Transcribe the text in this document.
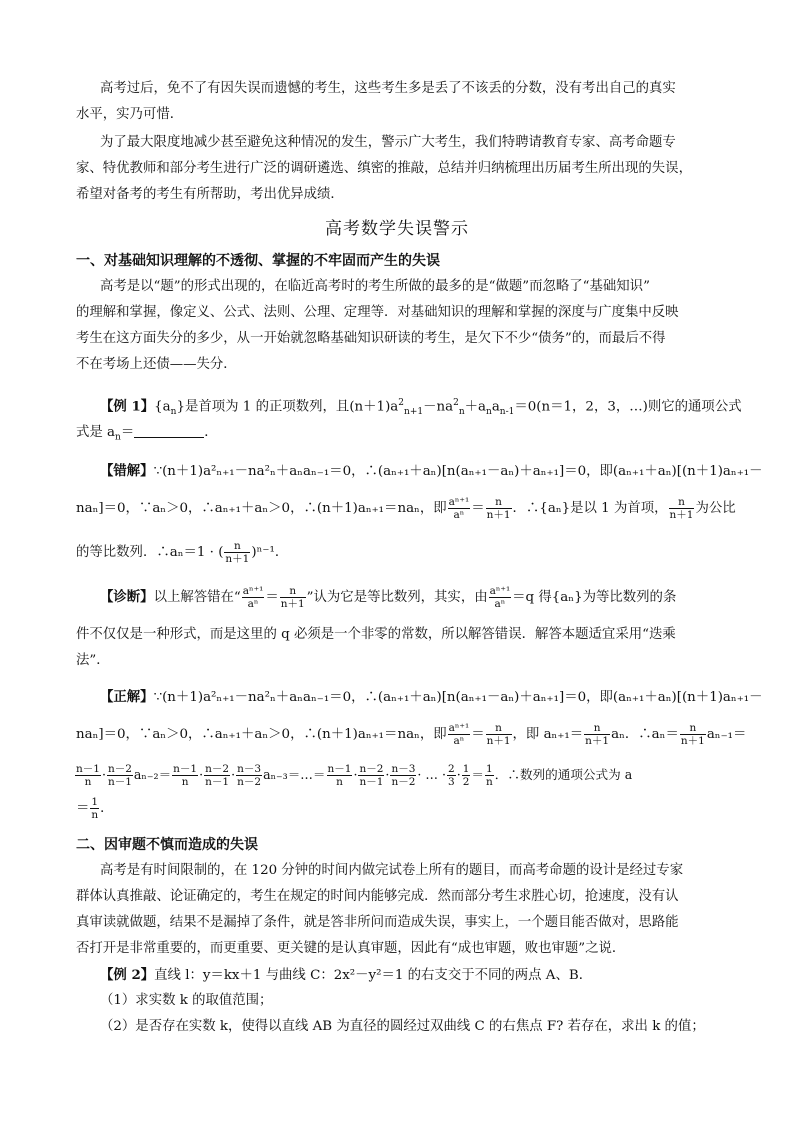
高考过后，免不了有因失误而遗憾的考生，这些考生多是丢了不该丢的分数，没有考出自己的真实
水平，实乃可惜．
为了最大限度地减少甚至避免这种情况的发生，警示广大考生，我们特聘请教育专家、高考命题专
家、特优教师和部分考生进行广泛的调研遴选、缜密的推敲，总结并归纳梳理出历届考生所出现的失误，
希望对备考的考生有所帮助，考出优异成绩．
高考数学失误警示
一、对基础知识理解的不透彻、掌握的不牢固而产生的失误
高考是以“题”的形式出现的，在临近高考时的考生所做的最多的是“做题”而忽略了“基础知识”
的理解和掌握，像定义、公式、法则、公理、定理等．对基础知识的理解和掌握的深度与广度集中反映
考生在这方面失分的多少，从一开始就忽略基础知识研读的考生，是欠下不少“债务”的，而最后不得
不在考场上还债——失分．
【例 1】$\{a_n\}$是首项为 1 的正项数列，且$(n+1)a^2_{n+1}-na^2_n+a_na_{n-1}=0(n=1$，2，3，…)则它的通项公式
式是 $a_n=$	．
【错解】∵(n＋1)a²ₙ₊₁－na²ₙ＋aₙaₙ₋₁＝0，∴(aₙ₊₁＋aₙ)[n(aₙ₊₁－aₙ)＋aₙ₊₁]＝0，即(aₙ₊₁＋aₙ)[(n＋1)aₙ₊₁－
naₙ]＝0，∵aₙ＞0，∴aₙ₊₁＋aₙ＞0，∴(n＋1)aₙ₊₁＝naₙ，即 $\frac{\text{aⁿ⁺¹}}{\text{aⁿ}} = \frac{n}{n+1}$ ．∴{aₙ}是以 1 为首项， $\frac{n}{n+1}$ 为公比
的等比数列．∴aₙ＝1 · ( $\frac{n}{n+1} )^{n-1}$．
【诊断】以上解答错在“ $\frac{\text{aⁿ⁺¹}}{\text{aⁿ}} = \frac{n}{n+1}$ ”认为它是等比数列，其实，由 $\frac{\text{aⁿ⁺¹}}{\text{aⁿ}} =q$ 得{aₙ}为等比数列的条
件不仅仅是一种形式，而是这里的 q 必须是一个非零的常数，所以解答错误．解答本题适宜采用“迭乘
法”．
【正解】∵(n＋1)a²ₙ₊₁－na²ₙ＋aₙaₙ₋₁＝0，∴(aₙ₊₁＋aₙ)[n(aₙ₊₁－aₙ)＋aₙ₊₁]＝0，即(aₙ₊₁＋aₙ)[(n＋1)aₙ₊₁－
naₙ]＝0，∵aₙ＞0，∴aₙ₊₁＋aₙ＞0，∴(n＋1)aₙ₊₁＝naₙ，即 $\frac{\text{aⁿ⁺¹}}{\text{aⁿ}} = \frac{n}{n+1}$ ，即 $a_{n+1}= \frac{n}{n+1}$ aₙ．∴aₙ＝ $\frac{n}{n+1} a_{n-1}=$
$\frac{n-1}{n} \cdot \frac{n-2}{n-1} a_{n-2}= \frac{n-1}{n} \cdot \frac{n-2}{n-1} \cdot \frac{n-3}{n-2}$ aₙ₋₃＝…＝ $\frac{n-1}{n} \cdot \frac{n-2}{n-1} \cdot \frac{n-3}{n-2}$ · … · $\frac{2}{3} \cdot \frac{1}{2} = \frac{1}{n}$ ．∴数列的通项公式为 a
＝ $\frac{1}{n}$ ．
二、因审题不慎而造成的失误
高考是有时间限制的，在 120 分钟的时间内做完试卷上所有的题目，而高考命题的设计是经过专家
群体认真推敲、论证确定的，考生在规定的时间内能够完成．然而部分考生求胜心切，抢速度，没有认
真审读就做题，结果不是漏掉了条件，就是答非所问而造成失误，事实上，一个题目能否做对，思路能
否打开是非常重要的，而更重要、更关键的是认真审题，因此有“成也审题，败也审题”之说．
【例 2】直线 l：y＝kx＋1 与曲线 C：2x²－y²＝1 的右支交于不同的两点 A、B．
（1）求实数 k 的取值范围；
（2）是否存在实数 k，使得以直线 AB 为直径的圆经过双曲线 C 的右焦点 F? 若存在，求出 k 的值；
